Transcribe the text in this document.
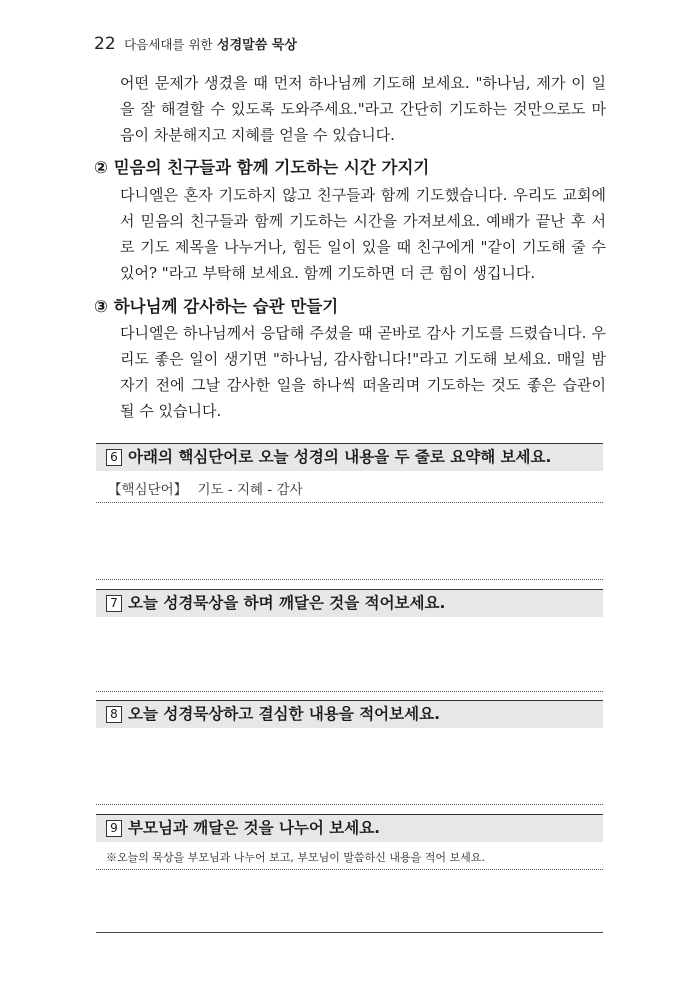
22 다음세대를 위한 성경말씀 묵상
어떤 문제가 생겼을 때 먼저 하나님께 기도해 보세요. "하나님, 제가 이 일을 잘 해결할 수 있도록 도와주세요."라고 간단히 기도하는 것만으로도 마음이 차분해지고 지혜를 얻을 수 있습니다.
② 믿음의 친구들과 함께 기도하는 시간 가지기
다니엘은 혼자 기도하지 않고 친구들과 함께 기도했습니다. 우리도 교회에서 믿음의 친구들과 함께 기도하는 시간을 가져보세요. 예배가 끝난 후 서로 기도 제목을 나누거나, 힘든 일이 있을 때 친구에게 "같이 기도해 줄 수 있어? "라고 부탁해 보세요. 함께 기도하면 더 큰 힘이 생깁니다.
③ 하나님께 감사하는 습관 만들기
다니엘은 하나님께서 응답해 주셨을 때 곧바로 감사 기도를 드렸습니다. 우리도 좋은 일이 생기면 "하나님, 감사합니다!"라고 기도해 보세요. 매일 밤 자기 전에 그날 감사한 일을 하나씩 떠올리며 기도하는 것도 좋은 습관이 될 수 있습니다.
6 아래의 핵심단어로 오늘 성경의 내용을 두 줄로 요약해 보세요.
【핵심단어】 기도 - 지혜 - 감사
7 오늘 성경묵상을 하며 깨달은 것을 적어보세요.
8 오늘 성경묵상하고 결심한 내용을 적어보세요.
9 부모님과 깨달은 것을 나누어 보세요.
※오늘의 묵상을 부모님과 나누어 보고, 부모님이 말씀하신 내용을 적어 보세요.
